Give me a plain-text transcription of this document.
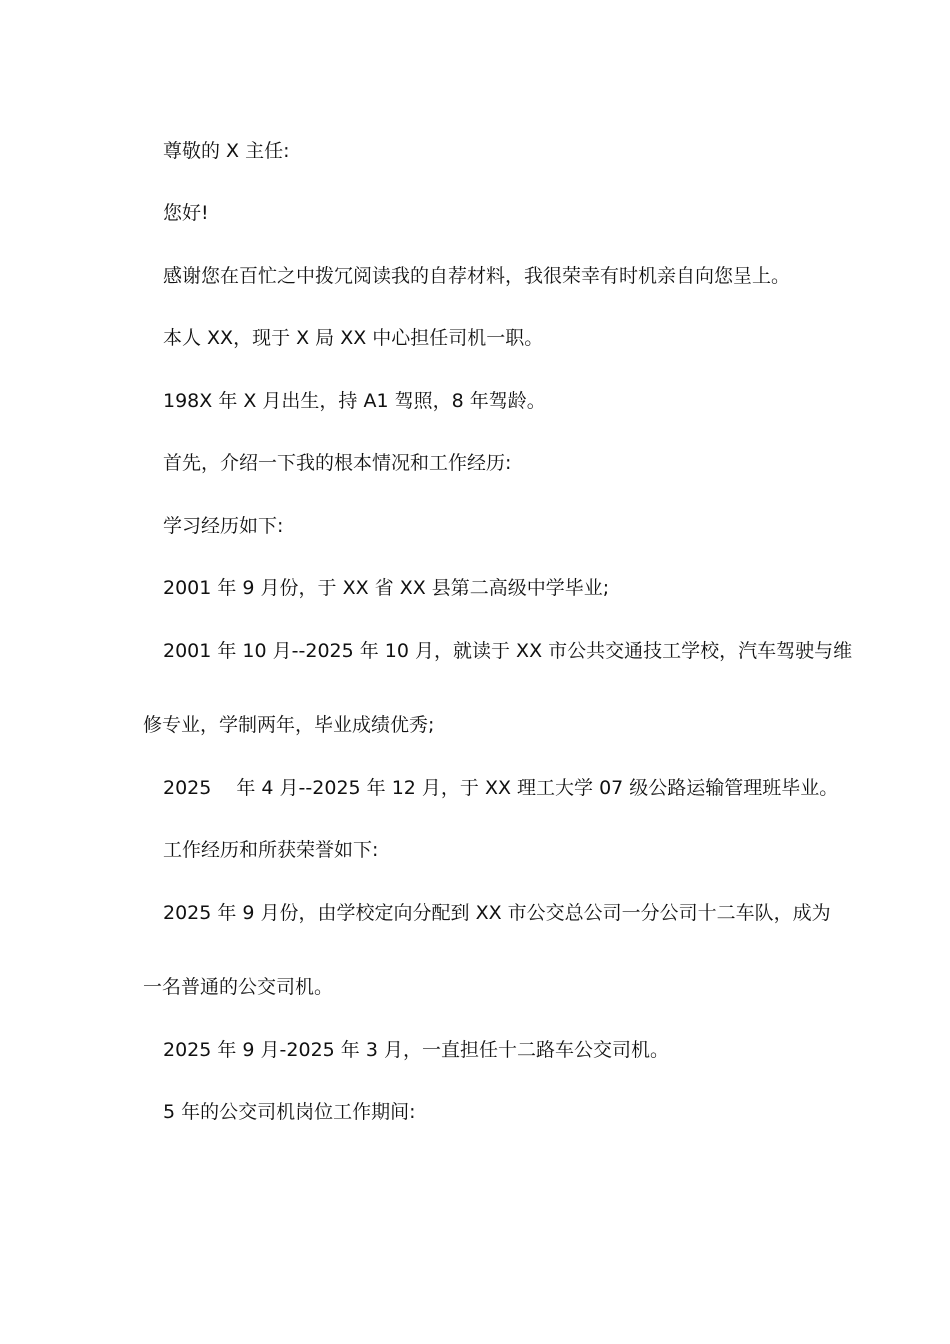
尊敬的 X 主任:
您好!
感谢您在百忙之中拨冗阅读我的自荐材料，我很荣幸有时机亲自向您呈上。
本人 XX，现于 X 局 XX 中心担任司机一职。
198X 年 X 月出生，持 A1 驾照，8 年驾龄。
首先，介绍一下我的根本情况和工作经历:
学习经历如下:
2001 年 9 月份，于 XX 省 XX 县第二高级中学毕业;
2001 年 10 月--2025 年 10 月，就读于 XX 市公共交通技工学校，汽车驾驶与维
修专业，学制两年，毕业成绩优秀;
2025　 年 4 月--2025 年 12 月，于 XX 理工大学 07 级公路运输管理班毕业。
工作经历和所获荣誉如下:
2025 年 9 月份，由学校定向分配到 XX 市公交总公司一分公司十二车队，成为
一名普通的公交司机。
2025 年 9 月-2025 年 3 月，一直担任十二路车公交司机。
5 年的公交司机岗位工作期间:
